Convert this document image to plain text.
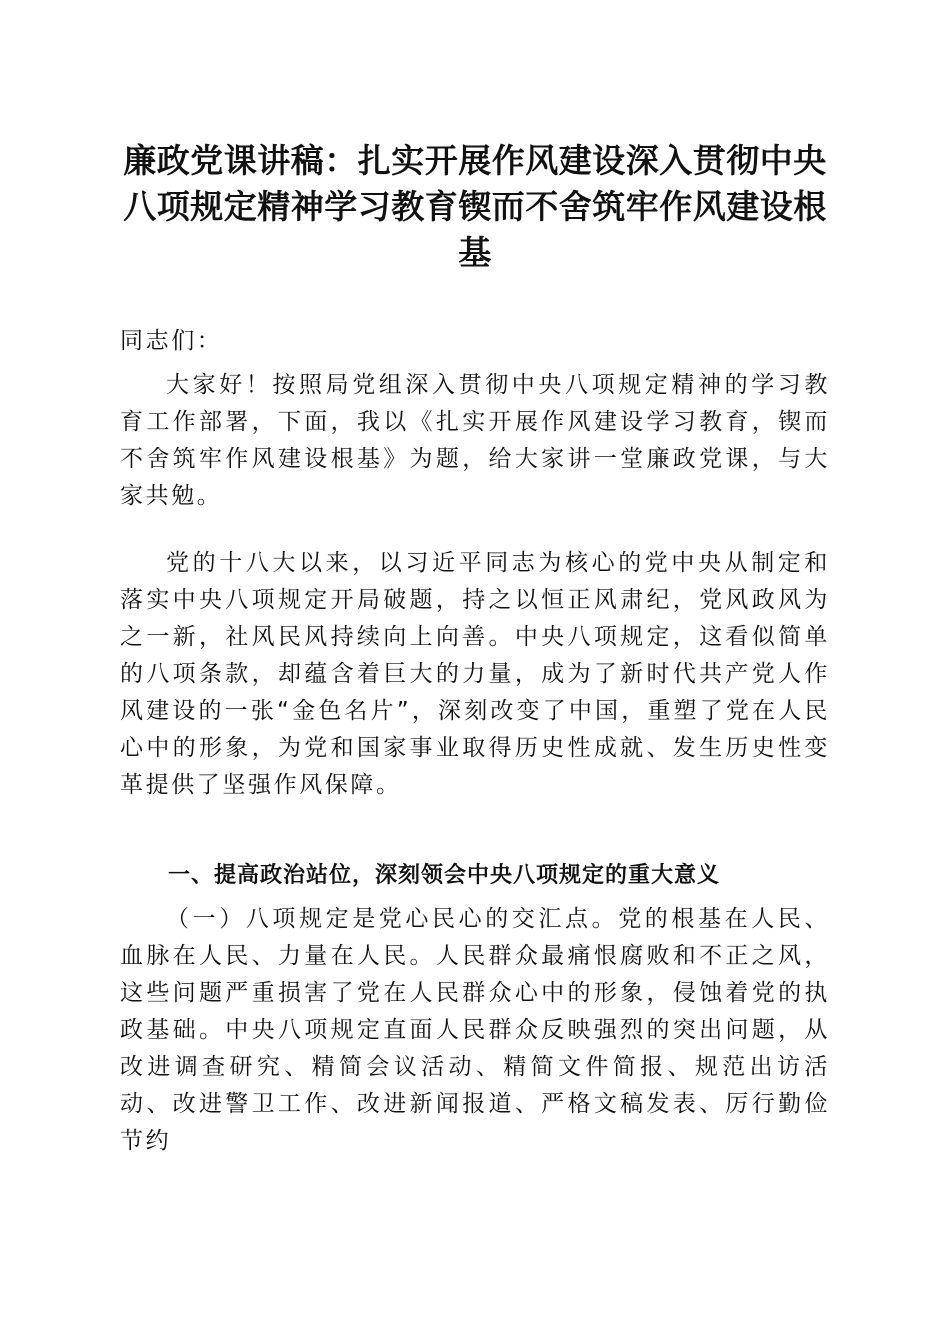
廉政党课讲稿：扎实开展作风建设深入贯彻中央八项规定精神学习教育锲而不舍筑牢作风建设根基

同志们：

大家好！按照局党组深入贯彻中央八项规定精神的学习教育工作部署，下面，我以《扎实开展作风建设学习教育，锲而不舍筑牢作风建设根基》为题，给大家讲一堂廉政党课，与大家共勉。

党的十八大以来，以习近平同志为核心的党中央从制定和落实中央八项规定开局破题，持之以恒正风肃纪，党风政风为之一新，社风民风持续向上向善。中央八项规定，这看似简单的八项条款，却蕴含着巨大的力量，成为了新时代共产党人作风建设的一张“金色名片”，深刻改变了中国，重塑了党在人民心中的形象，为党和国家事业取得历史性成就、发生历史性变革提供了坚强作风保障。

一、提高政治站位，深刻领会中央八项规定的重大意义

（一）八项规定是党心民心的交汇点。党的根基在人民、血脉在人民、力量在人民。人民群众最痛恨腐败和不正之风，这些问题严重损害了党在人民群众心中的形象，侵蚀着党的执政基础。中央八项规定直面人民群众反映强烈的突出问题，从改进调查研究、精简会议活动、精简文件简报、规范出访活动、改进警卫工作、改进新闻报道、严格文稿发表、厉行勤俭节约
